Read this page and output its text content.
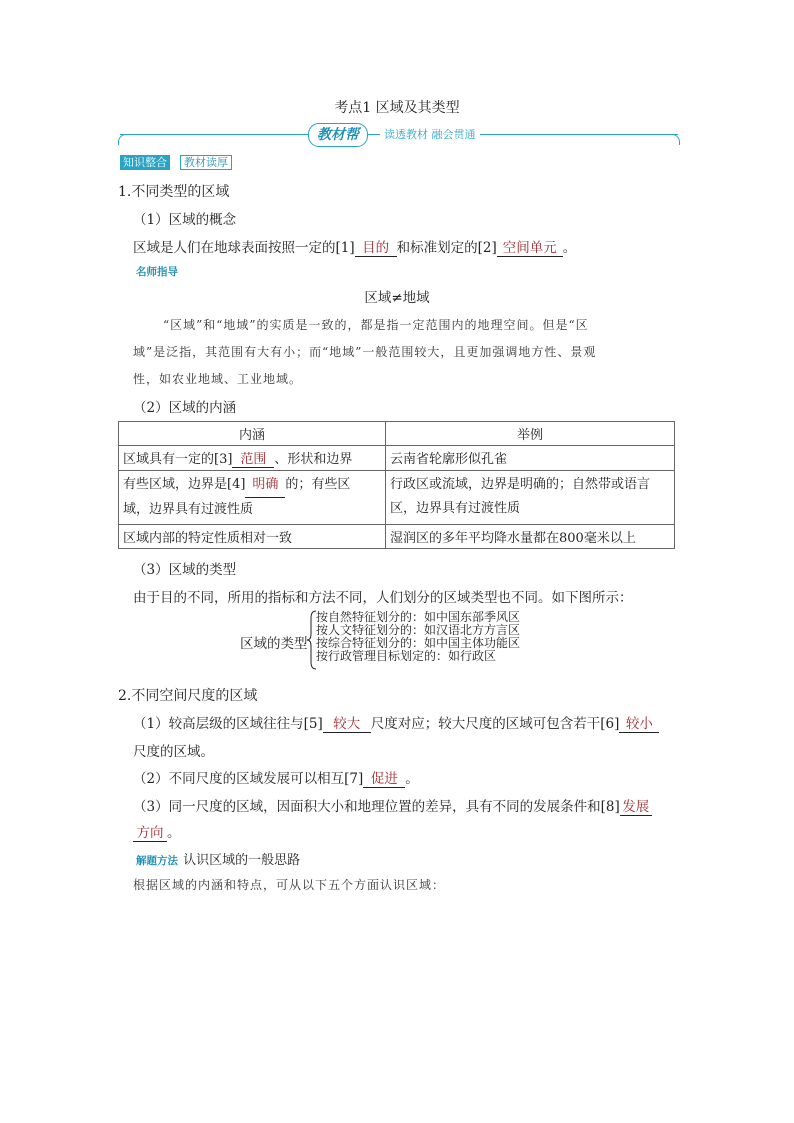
考点1 区域及其类型
教材帮	读透教材 融会贯通
知识整合	教材读厚
1.不同类型的区域
（1）区域的概念
区域是人们在地球表面按照一定的[1] 目的 和标准划定的[2] 空间单元 。
名师指导
区域≠地域
“区域”和“地域”的实质是一致的，都是指一定范围内的地理空间。但是“区
域”是泛指，其范围有大有小；而“地域”一般范围较大，且更加强调地方性、景观
性，如农业地域、工业地域。
（2）区域的内涵
内涵	举例
区域具有一定的[3] 范围 、形状和边界	云南省轮廓形似孔雀
有些区域，边界是[4] 明确 的；有些区
域，边界具有过渡性质	行政区或流域，边界是明确的；自然带或语言
区，边界具有过渡性质
区域内部的特定性质相对一致	湿润区的多年平均降水量都在800毫米以上
（3）区域的类型
由于目的不同，所用的指标和方法不同，人们划分的区域类型也不同。如下图所示：
区域的类型
按自然特征划分的：如中国东部季风区
按人文特征划分的：如汉语北方方言区
按综合特征划分的：如中国主体功能区
按行政管理目标划定的：如行政区
2.不同空间尺度的区域
（1）较高层级的区域往往与[5] 较大 尺度对应；较大尺度的区域可包含若干[6] 较小
尺度的区域。
（2）不同尺度的区域发展可以相互[7] 促进 。
（3）同一尺度的区域，因面积大小和地理位置的差异，具有不同的发展条件和[8] 发展
方向 。
解题方法 认识区域的一般思路
根据区域的内涵和特点，可从以下五个方面认识区域：
